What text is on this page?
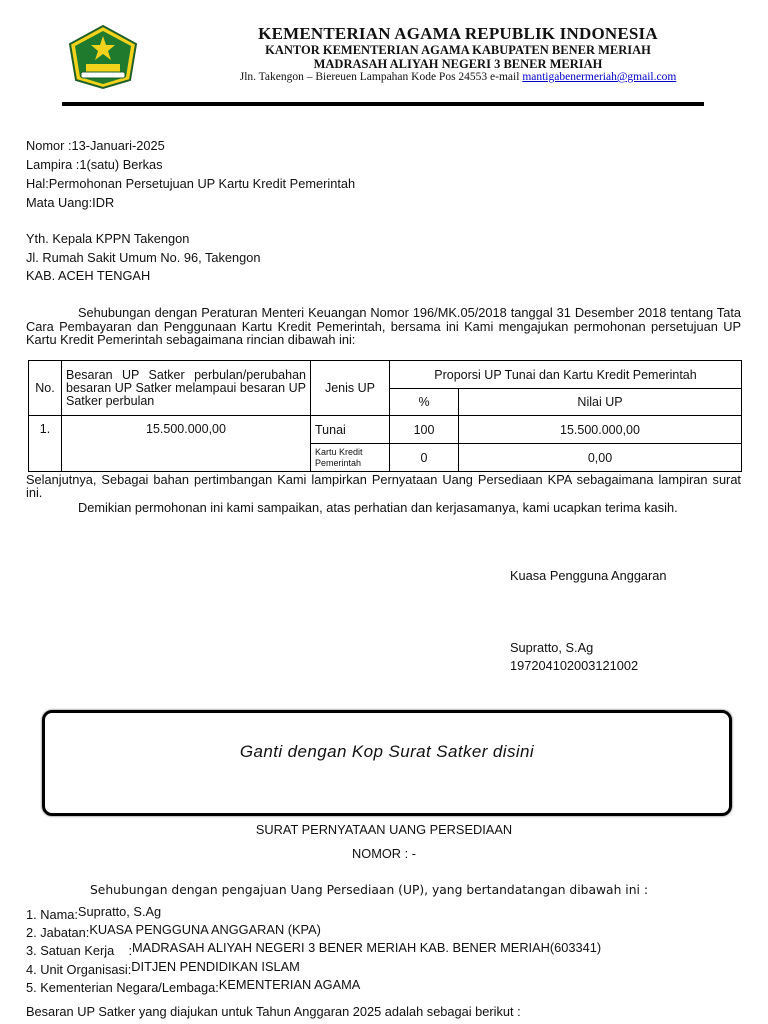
KEMENTERIAN AGAMA REPUBLIK INDONESIA
KANTOR KEMENTERIAN AGAMA KABUPATEN BENER MERIAH
MADRASAH ALIYAH NEGERI 3 BENER MERIAH
Jln. Takengon – Biereuen Lampahan Kode Pos 24553 e-mail mantigabenermeriah@gmail.com
Nomor :13-Januari-2025
Lampira :1(satu) Berkas
Hal:Permohonan Persetujuan UP Kartu Kredit Pemerintah
Mata Uang:IDR
Yth. Kepala KPPN Takengon
Jl. Rumah Sakit Umum No. 96, Takengon
KAB. ACEH TENGAH
Sehubungan dengan Peraturan Menteri Keuangan Nomor 196/MK.05/2018 tanggal 31 Desember 2018 tentang Tata Cara Pembayaran dan Penggunaan Kartu Kredit Pemerintah, bersama ini Kami mengajukan permohonan persetujuan UP Kartu Kredit Pemerintah sebagaimana rincian dibawah ini:
No.	Besaran UP Satker perbulan/perubahan besaran UP Satker melampaui besaran UP Satker perbulan	Jenis UP	Proporsi UP Tunai dan Kartu Kredit Pemerintah	
			%	Nilai UP
1.	15.500.000,00	Tunai	100	15.500.000,00
		Kartu Kredit Pemerintah	0	0,00
Selanjutnya, Sebagai bahan pertimbangan Kami lampirkan Pernyataan Uang Persediaan KPA sebagaimana lampiran surat ini.
Demikian permohonan ini kami sampaikan, atas perhatian dan kerjasamanya, kami ucapkan terima kasih.
Kuasa Pengguna Anggaran
Supratto, S.Ag
197204102003121002
Ganti dengan Kop Surat Satker disini
SURAT PERNYATAAN UANG PERSEDIAAN
NOMOR : -
Sehubungan dengan pengajuan Uang Persediaan (UP), yang bertandatangan dibawah ini :
1. Nama:Supratto, S.Ag
2. Jabatan:KUASA PENGGUNA ANGGARAN (KPA)
3. Satuan Kerja    :MADRASAH ALIYAH NEGERI 3 BENER MERIAH KAB. BENER MERIAH(603341)
4. Unit Organisasi:DITJEN PENDIDIKAN ISLAM
5. Kementerian Negara/Lembaga:KEMENTERIAN AGAMA
Besaran UP Satker yang diajukan untuk Tahun Anggaran 2025 adalah sebagai berikut :
